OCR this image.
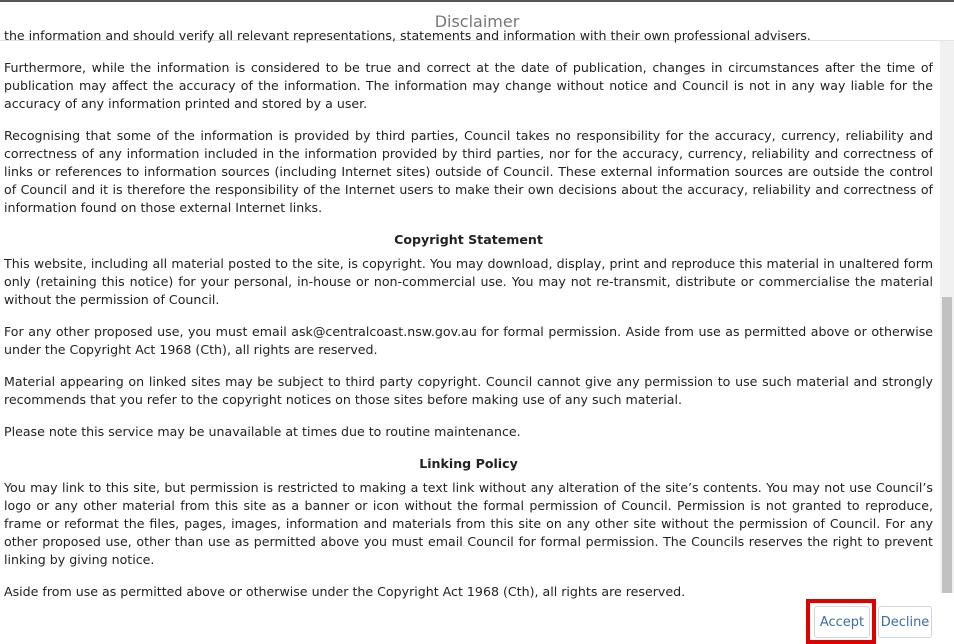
Disclaimer

the information and should verify all relevant representations, statements and information with their own professional advisers.

Furthermore, while the information is considered to be true and correct at the date of publication, changes in circumstances after the time of publication may affect the accuracy of the information. The information may change without notice and Council is not in any way liable for the accuracy of any information printed and stored by a user.

Recognising that some of the information is provided by third parties, Council takes no responsibility for the accuracy, currency, reliability and correctness of any information included in the information provided by third parties, nor for the accuracy, currency, reliability and correctness of links or references to information sources (including Internet sites) outside of Council. These external information sources are outside the control of Council and it is therefore the responsibility of the Internet users to make their own decisions about the accuracy, reliability and correctness of information found on those external Internet links.

Copyright Statement

This website, including all material posted to the site, is copyright. You may download, display, print and reproduce this material in unaltered form only (retaining this notice) for your personal, in-house or non-commercial use. You may not re-transmit, distribute or commercialise the material without the permission of Council.

For any other proposed use, you must email ask@centralcoast.nsw.gov.au for formal permission. Aside from use as permitted above or otherwise under the Copyright Act 1968 (Cth), all rights are reserved.

Material appearing on linked sites may be subject to third party copyright. Council cannot give any permission to use such material and strongly recommends that you refer to the copyright notices on those sites before making use of any such material.

Please note this service may be unavailable at times due to routine maintenance.

Linking Policy

You may link to this site, but permission is restricted to making a text link without any alteration of the site’s contents. You may not use Council’s logo or any other material from this site as a banner or icon without the formal permission of Council. Permission is not granted to reproduce, frame or reformat the files, pages, images, information and materials from this site on any other site without the permission of Council. For any other proposed use, other than use as permitted above you must email Council for formal permission. The Councils reserves the right to prevent linking by giving notice.

Aside from use as permitted above or otherwise under the Copyright Act 1968 (Cth), all rights are reserved.

Accept	Decline
